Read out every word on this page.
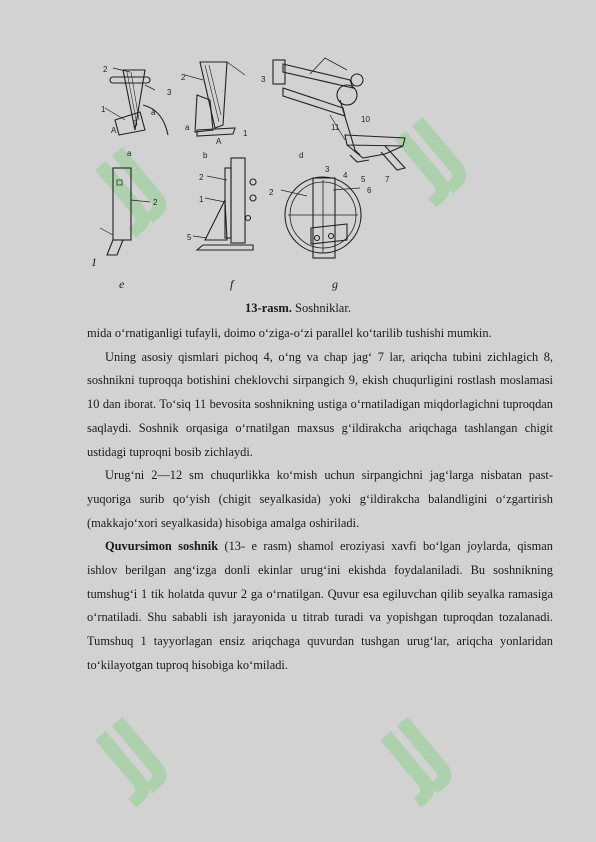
2
3
1	a
β
A
a
2	3
1
a
A
b	d
11
10
3
4 5 7
6
2
2
1
5
2
1
e	f	g
13-rasm. Soshniklar.

mida o‘rnatiganligi tufayli, doimo o‘ziga-o‘zi parallel ko‘tarilib tushishi mumkin.

Uning asosiy qismlari pichoq 4, o‘ng va chap jag‘ 7 lar, ariqcha tubini zichlagich 8, soshnikni tuproqqa botishini cheklovchi sirpangich 9, ekish chuqurligini rostlash moslamasi 10 dan iborat. To‘siq 11 bevosita soshnikning ustiga o‘rnatiladigan miqdorlagichni tuproqdan saqlaydi. Soshnik orqasiga o‘rnatilgan maxsus g‘ildirakcha ariqchaga tashlangan chigit ustidagi tuproqni bosib zichlaydi.

Urug‘ni 2—12 sm chuqurlikka ko‘mish uchun sirpangichni jag‘larga nisbatan past-yuqoriga surib qo‘yish (chigit seyalkasida) yoki g‘ildirakcha balandligini o‘zgartirish (makkajo‘xori seyalkasida) hisobiga amalga oshiriladi.

Quvursimon soshnik (13- e rasm) shamol eroziyasi xavfi bo‘lgan joylarda, qisman ishlov berilgan ang‘izga donli ekinlar urug‘ini ekishda foydalaniladi. Bu soshnikning tumshug‘i 1 tik holatda quvur 2 ga o‘rnatilgan. Quvur esa egiluvchan qilib seyalka ramasiga o‘rnatiladi. Shu sababli ish jarayonida u titrab turadi va yopishgan tuproqdan tozalanadi. Tumshuq 1 tayyorlagan ensiz ariqchaga quvurdan tushgan urug‘lar, ariqcha yonlaridan to‘kilayotgan tuproq hisobiga ko‘miladi.
